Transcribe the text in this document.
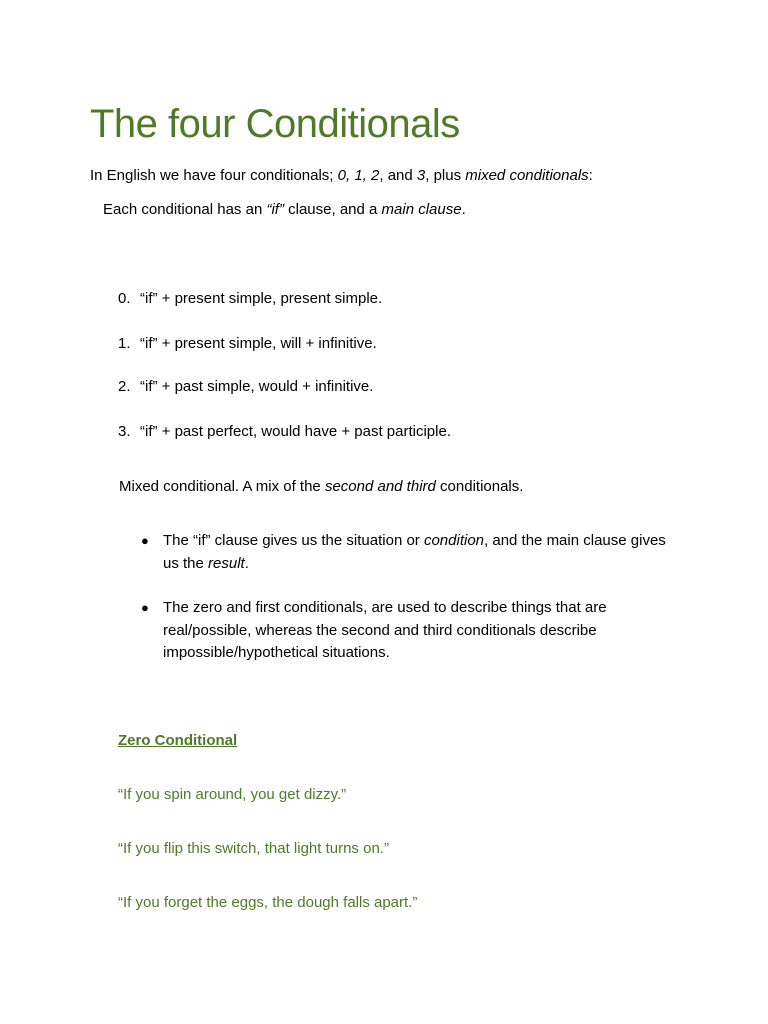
The four Conditionals

In English we have four conditionals; 0, 1, 2, and 3, plus mixed conditionals:

Each conditional has an “if” clause, and a main clause.

0. “if” + present simple, present simple.

1. “if” + present simple, will + infinitive.

2. “if” + past simple, would + infinitive.

3. “if” + past perfect, would have + past participle.

Mixed conditional. A mix of the second and third conditionals.

● The “if” clause gives us the situation or condition, and the main clause gives us the result.
● The zero and first conditionals, are used to describe things that are real/possible, whereas the second and third conditionals describe impossible/hypothetical situations.

Zero Conditional

“If you spin around, you get dizzy.”

“If you flip this switch, that light turns on.”

“If you forget the eggs, the dough falls apart.”
